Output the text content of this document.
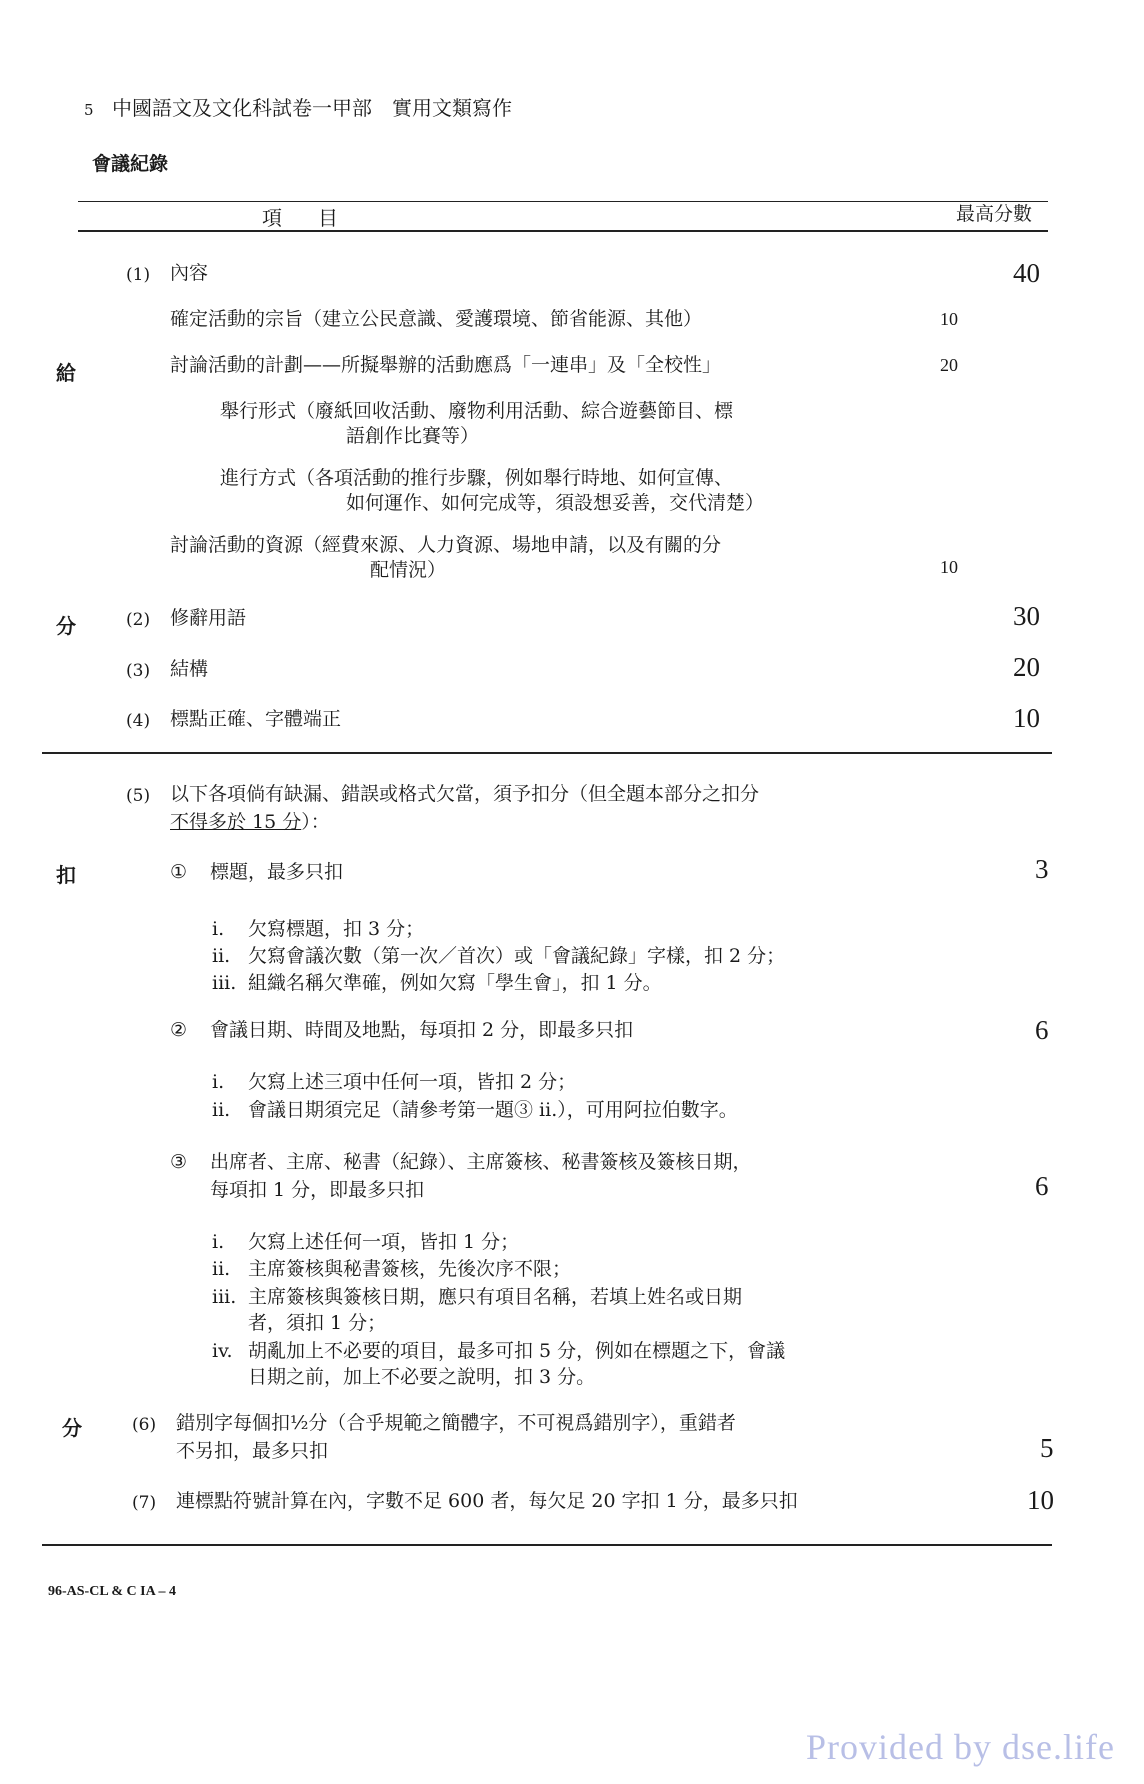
5 中國語文及文化科試卷一甲部　實用文類寫作
會議紀錄
項　目	最高分數
給
分
扣
分
(1) 內容	40
確定活動的宗旨（建立公民意識、愛護環境、節省能源、其他）	10
討論活動的計劃——所擬舉辦的活動應爲「一連串」及「全校性」	20
舉行形式（廢紙回收活動、廢物利用活動、綜合遊藝節目、標
語創作比賽等）
進行方式（各項活動的推行步驟，例如舉行時地、如何宣傳、
如何運作、如何完成等，須設想妥善，交代清楚）
討論活動的資源（經費來源、人力資源、場地申請，以及有關的分
配情況）	10
(2) 修辭用語	30
(3) 結構	20
(4) 標點正確、字體端正	10
(5) 以下各項倘有缺漏、錯誤或格式欠當，須予扣分（但全題本部分之扣分
不得多於 15 分）：
① 標題，最多只扣	3
i. 欠寫標題，扣 3 分；
ii. 欠寫會議次數（第一次／首次）或「會議紀錄」字樣，扣 2 分；
iii. 組織名稱欠準確，例如欠寫「學生會」，扣 1 分。
② 會議日期、時間及地點，每項扣 2 分，即最多只扣	6
i. 欠寫上述三項中任何一項，皆扣 2 分；
ii. 會議日期須完足（請參考第一題③ ii.），可用阿拉伯數字。
③ 出席者、主席、秘書（紀錄）、主席簽核、秘書簽核及簽核日期，
每項扣 1 分，即最多只扣	6
i. 欠寫上述任何一項，皆扣 1 分；
ii. 主席簽核與秘書簽核，先後次序不限；
iii. 主席簽核與簽核日期，應只有項目名稱，若填上姓名或日期
者，須扣 1 分；
iv. 胡亂加上不必要的項目，最多可扣 5 分，例如在標題之下，會議
日期之前，加上不必要之說明，扣 3 分。
(6) 錯別字每個扣½分（合乎規範之簡體字，不可視爲錯別字），重錯者
不另扣，最多只扣	5
(7) 連標點符號計算在內，字數不足 600 者，每欠足 20 字扣 1 分，最多只扣	10
96-AS-CL & C IA – 4
Provided by dse.life
